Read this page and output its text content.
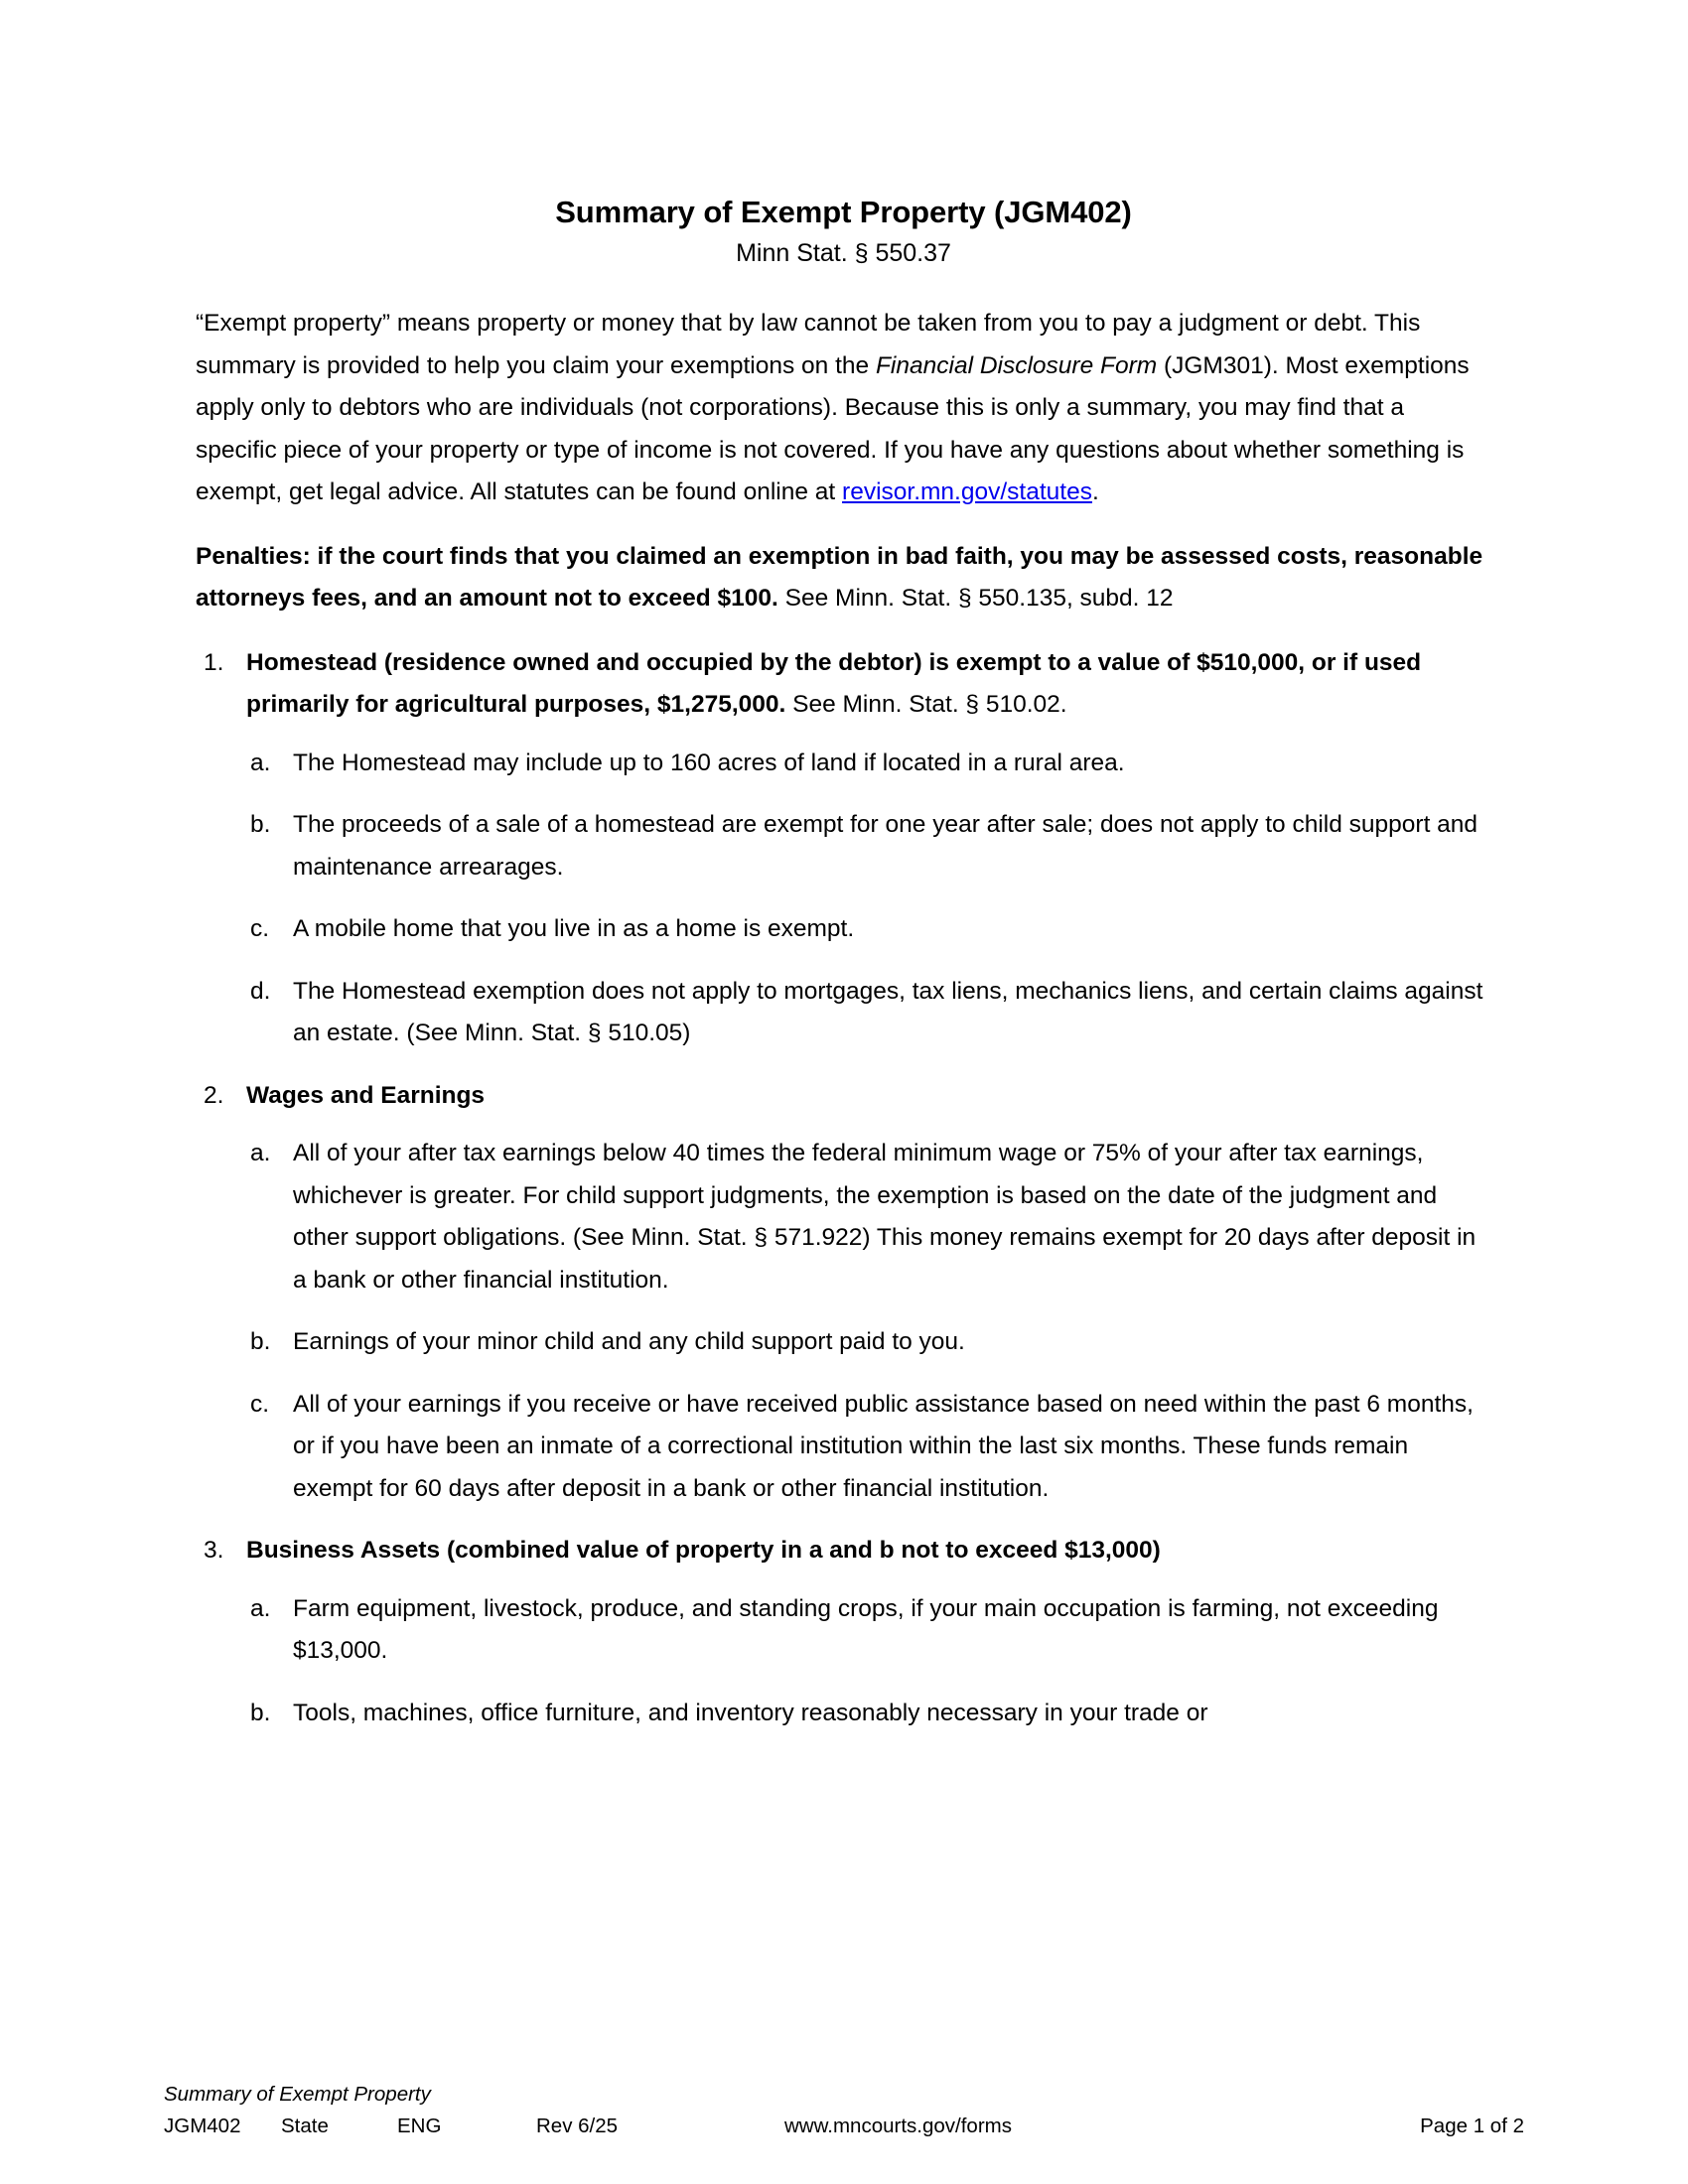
Summary of Exempt Property (JGM402)
Minn Stat. § 550.37

“Exempt property” means property or money that by law cannot be taken from you to pay a judgment or debt. This summary is provided to help you claim your exemptions on the Financial Disclosure Form (JGM301). Most exemptions apply only to debtors who are individuals (not corporations). Because this is only a summary, you may find that a specific piece of your property or type of income is not covered. If you have any questions about whether something is exempt, get legal advice. All statutes can be found online at revisor.mn.gov/statutes.

Penalties: if the court finds that you claimed an exemption in bad faith, you may be assessed costs, reasonable attorneys fees, and an amount not to exceed $100. See Minn. Stat. § 550.135, subd. 12

1. Homestead (residence owned and occupied by the debtor) is exempt to a value of $510,000, or if used primarily for agricultural purposes, $1,275,000. See Minn. Stat. § 510.02.
a. The Homestead may include up to 160 acres of land if located in a rural area.
b. The proceeds of a sale of a homestead are exempt for one year after sale; does not apply to child support and maintenance arrearages.
c. A mobile home that you live in as a home is exempt.
d. The Homestead exemption does not apply to mortgages, tax liens, mechanics liens, and certain claims against an estate. (See Minn. Stat. § 510.05)
2. Wages and Earnings
a. All of your after tax earnings below 40 times the federal minimum wage or 75% of your after tax earnings, whichever is greater. For child support judgments, the exemption is based on the date of the judgment and other support obligations. (See Minn. Stat. § 571.922) This money remains exempt for 20 days after deposit in a bank or other financial institution.
b. Earnings of your minor child and any child support paid to you.
c. All of your earnings if you receive or have received public assistance based on need within the past 6 months, or if you have been an inmate of a correctional institution within the last six months. These funds remain exempt for 60 days after deposit in a bank or other financial institution.
3. Business Assets (combined value of property in a and b not to exceed $13,000)
a. Farm equipment, livestock, produce, and standing crops, if your main occupation is farming, not exceeding $13,000.
b. Tools, machines, office furniture, and inventory reasonably necessary in your trade or
Summary of Exempt Property
JGM402 State	ENG	Rev 6/25	www.mncourts.gov/forms	Page 1 of 2
